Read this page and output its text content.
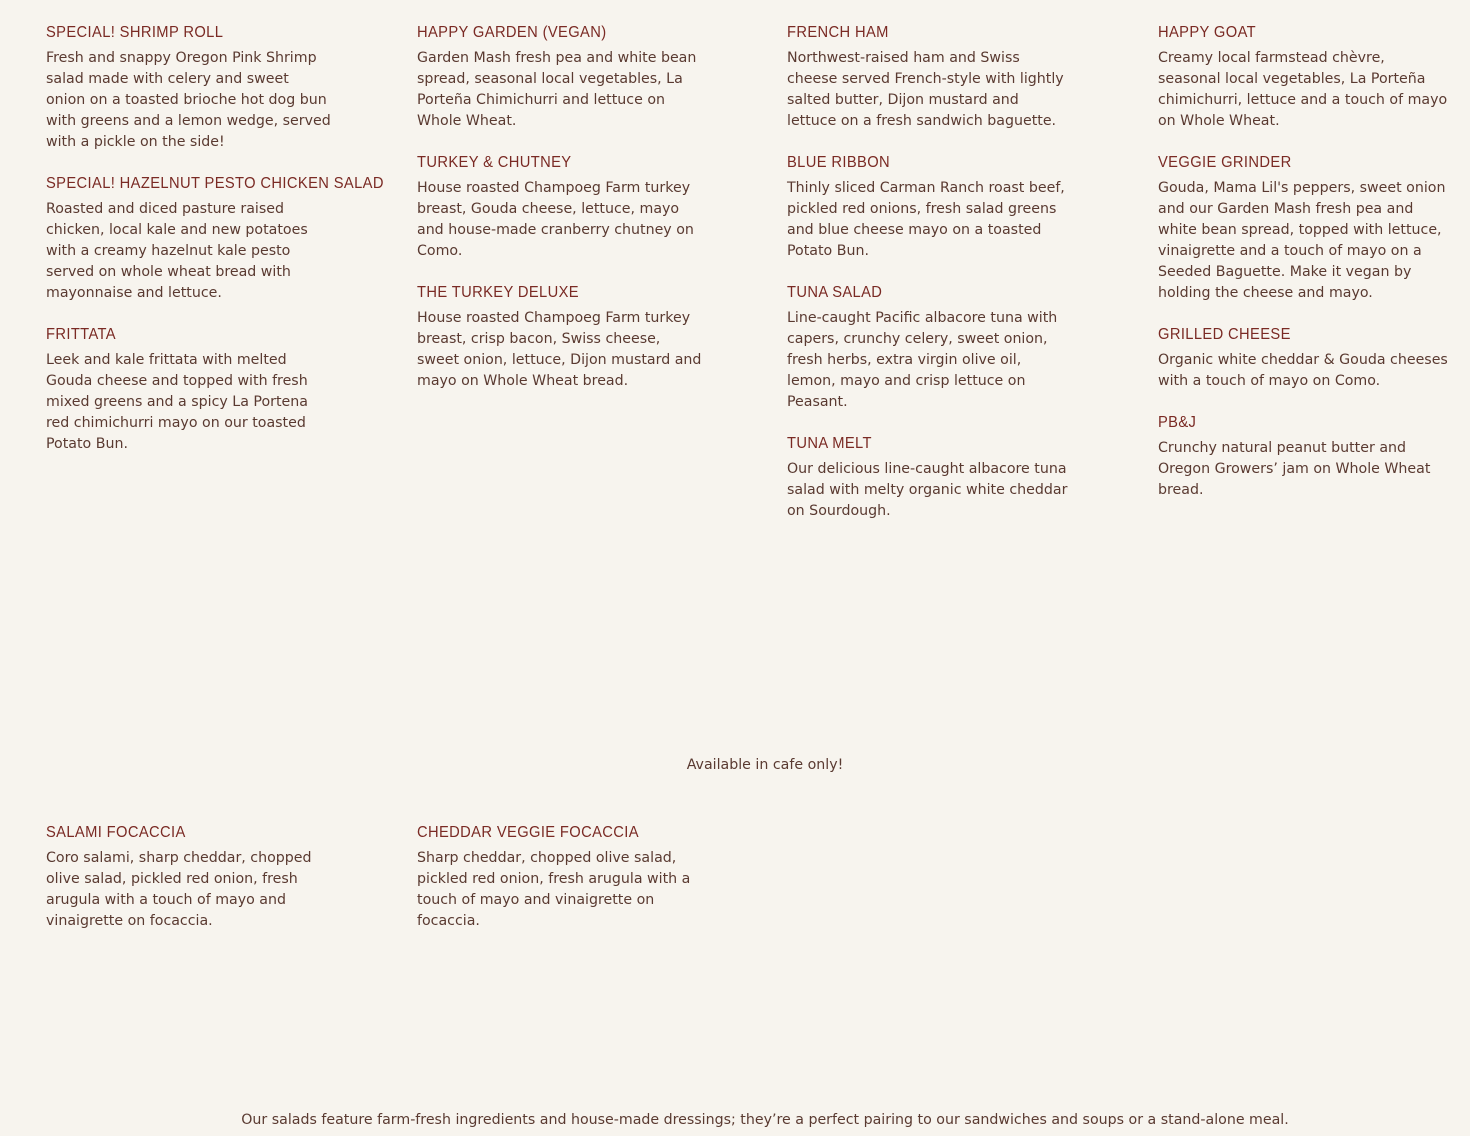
SPECIAL! SHRIMP ROLL

Fresh and snappy Oregon Pink Shrimp salad made with celery and sweet onion on a toasted brioche hot dog bun with greens and a lemon wedge, served with a pickle on the side!

SPECIAL! HAZELNUT PESTO CHICKEN SALAD

Roasted and diced pasture raised chicken, local kale and new potatoes with a creamy hazelnut kale pesto served on whole wheat bread with mayonnaise and lettuce.

FRITTATA

Leek and kale frittata with melted Gouda cheese and topped with fresh mixed greens and a spicy La Portena red chimichurri mayo on our toasted Potato Bun.

HAPPY GARDEN (VEGAN)

Garden Mash fresh pea and white bean spread, seasonal local vegetables, La Porteña Chimichurri and lettuce on Whole Wheat.

TURKEY & CHUTNEY

House roasted Champoeg Farm turkey breast, Gouda cheese, lettuce, mayo and house-made cranberry chutney on Como.

THE TURKEY DELUXE

House roasted Champoeg Farm turkey breast, crisp bacon, Swiss cheese, sweet onion, lettuce, Dijon mustard and mayo on Whole Wheat bread.

FRENCH HAM

Northwest-raised ham and Swiss cheese served French-style with lightly salted butter, Dijon mustard and lettuce on a fresh sandwich baguette.

BLUE RIBBON

Thinly sliced Carman Ranch roast beef, pickled red onions, fresh salad greens and blue cheese mayo on a toasted Potato Bun.

TUNA SALAD

Line-caught Pacific albacore tuna with capers, crunchy celery, sweet onion, fresh herbs, extra virgin olive oil, lemon, mayo and crisp lettuce on Peasant.

TUNA MELT

Our delicious line-caught albacore tuna salad with melty organic white cheddar on Sourdough.

HAPPY GOAT

Creamy local farmstead chèvre, seasonal local vegetables, La Porteña chimichurri, lettuce and a touch of mayo on Whole Wheat.

VEGGIE GRINDER

Gouda, Mama Lil's peppers, sweet onion and our Garden Mash fresh pea and white bean spread, topped with lettuce, vinaigrette and a touch of mayo on a Seeded Baguette. Make it vegan by holding the cheese and mayo.

GRILLED CHEESE

Organic white cheddar & Gouda cheeses with a touch of mayo on Como.

PB&J

Crunchy natural peanut butter and Oregon Growers’ jam on Whole Wheat bread.

Available in cafe only!
SALAMI FOCACCIA

Coro salami, sharp cheddar, chopped olive salad, pickled red onion, fresh arugula with a touch of mayo and vinaigrette on focaccia.

CHEDDAR VEGGIE FOCACCIA

Sharp cheddar, chopped olive salad, pickled red onion, fresh arugula with a touch of mayo and vinaigrette on focaccia.

Our salads feature farm-fresh ingredients and house-made dressings; they’re a perfect pairing to our sandwiches and soups or a stand-alone meal.
